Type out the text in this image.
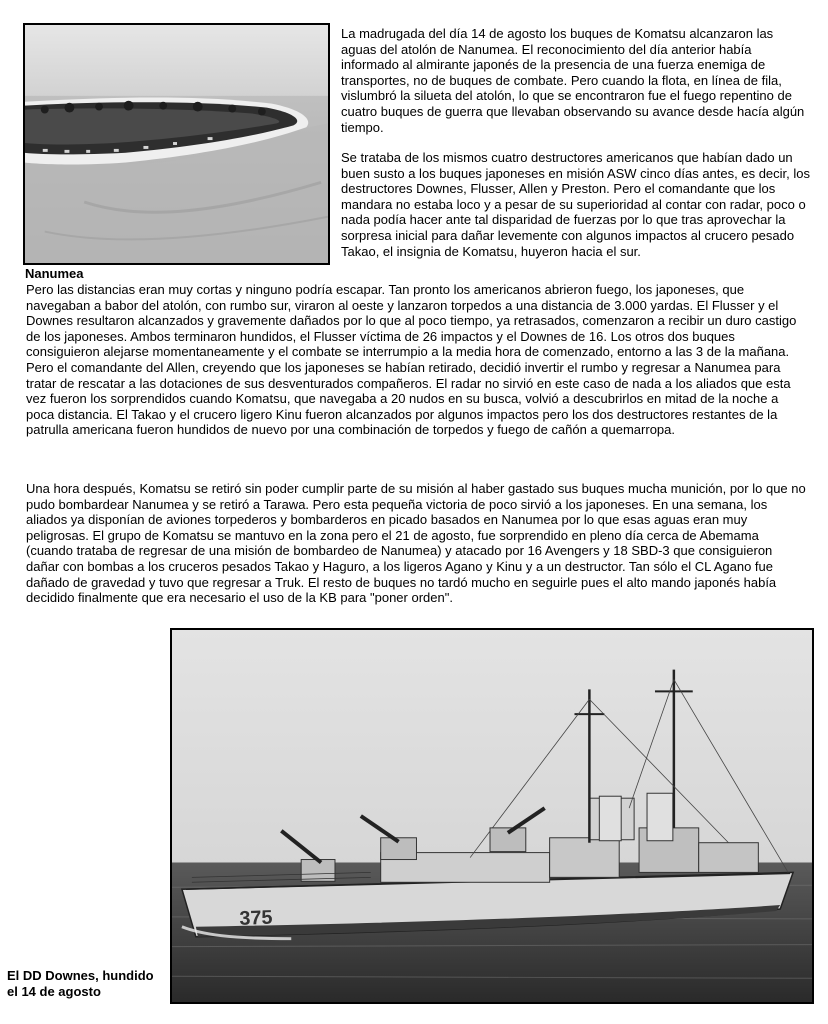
La madrugada del día 14 de agosto los buques de Komatsu alcanzaron las aguas del atolón de Nanumea. El reconocimiento del día anterior había informado al almirante japonés de la presencia de una fuerza enemiga de transportes, no de buques de combate. Pero cuando la flota, en línea de fila, vislumbró la silueta del atolón, lo que se encontraron fue el fuego repentino de cuatro buques de guerra que llevaban observando su avance desde hacía algún tiempo.

Se trataba de los mismos cuatro destructores americanos que habían dado un buen susto a los buques japoneses en misión ASW cinco días antes, es decir, los destructores Downes, Flusser, Allen y Preston. Pero el comandante que los mandara no estaba loco y a pesar de su superioridad al contar con radar, poco o nada podía hacer ante tal disparidad de fuerzas por lo que tras aprovechar la sorpresa inicial para dañar levemente con algunos impactos al crucero pesado Takao, el insignia de Komatsu, huyeron hacia el sur.

Nanumea

Pero las distancias eran muy cortas y ninguno podría escapar. Tan pronto los americanos abrieron fuego, los japoneses, que navegaban a babor del atolón, con rumbo sur, viraron al oeste y lanzaron torpedos a una distancia de 3.000 yardas. El Flusser y el Downes resultaron alcanzados y gravemente dañados por lo que al poco tiempo, ya retrasados, comenzaron a recibir un duro castigo de los japoneses. Ambos terminaron hundidos, el Flusser víctima de 26 impactos y el Downes de 16. Los otros dos buques consiguieron alejarse momentaneamente y el combate se interrumpio a la media hora de comenzado, entorno a las 3 de la mañana. Pero el comandante del Allen, creyendo que los japoneses se habían retirado, decidió invertir el rumbo y regresar a Nanumea para tratar de rescatar a las dotaciones de sus desventurados compañeros. El radar no sirvió en este caso de nada a los aliados que esta vez fueron los sorprendidos cuando Komatsu, que navegaba a 20 nudos en su busca, volvió a descubrirlos en mitad de la noche a poca distancia. El Takao y el crucero ligero Kinu fueron alcanzados por algunos impactos pero los dos destructores restantes de la patrulla americana fueron hundidos de nuevo por una combinación de torpedos y fuego de cañón a quemarropa.

Una hora después, Komatsu se retiró sin poder cumplir parte de su misión al haber gastado sus buques mucha munición, por lo que no pudo bombardear Nanumea y se retiró a Tarawa. Pero esta pequeña victoria de poco sirvió a los japoneses. En una semana, los aliados ya disponían de aviones torpederos y bombarderos en picado basados en Nanumea por lo que esas aguas eran muy peligrosas. El grupo de Komatsu se mantuvo en la zona pero el 21 de agosto, fue sorprendido en pleno día cerca de Abemama (cuando trataba de regresar de una misión de bombardeo de Nanumea) y atacado por 16 Avengers y 18 SBD-3 que consiguieron dañar con bombas a los cruceros pesados Takao y Haguro, a los ligeros Agano y Kinu y a un destructor. Tan sólo el CL Agano fue dañado de gravedad y tuvo que regresar a Truk. El resto de buques no tardó mucho en seguirle pues el alto mando japonés había decidido finalmente que era necesario el uso de la KB para "poner orden".

375

El DD Downes, hundido el 14 de agosto
